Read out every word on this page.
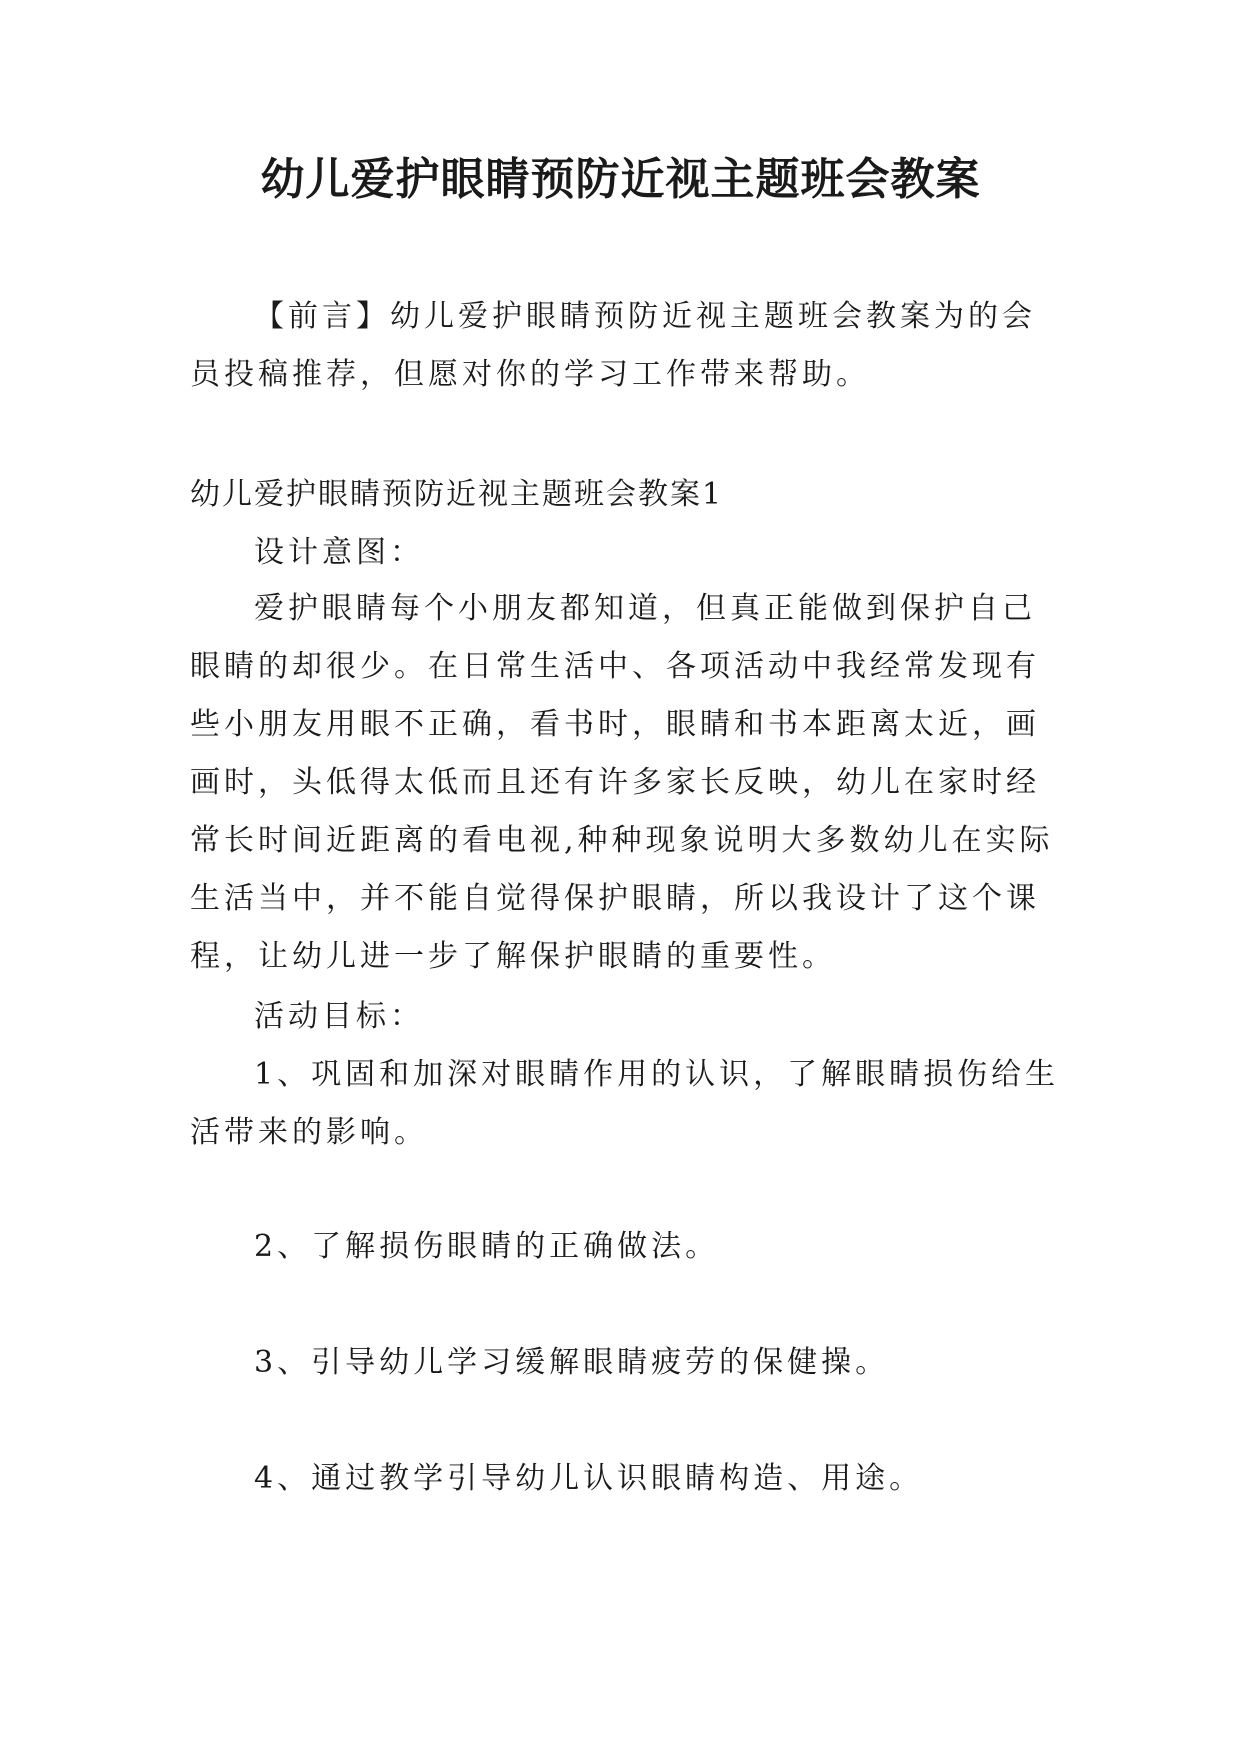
幼儿爱护眼睛预防近视主题班会教案

【前言】幼儿爱护眼睛预防近视主题班会教案为的会员投稿推荐，但愿对你的学习工作带来帮助。

幼儿爱护眼睛预防近视主题班会教案1

设计意图：

爱护眼睛每个小朋友都知道，但真正能做到保护自己眼睛的却很少。在日常生活中、各项活动中我经常发现有些小朋友用眼不正确，看书时，眼睛和书本距离太近，画画时，头低得太低而且还有许多家长反映，幼儿在家时经常长时间近距离的看电视,种种现象说明大多数幼儿在实际生活当中，并不能自觉得保护眼睛，所以我设计了这个课程，让幼儿进一步了解保护眼睛的重要性。

活动目标：

1、巩固和加深对眼睛作用的认识，了解眼睛损伤给生活带来的影响。

2、了解损伤眼睛的正确做法。

3、引导幼儿学习缓解眼睛疲劳的保健操。

4、通过教学引导幼儿认识眼睛构造、用途。
